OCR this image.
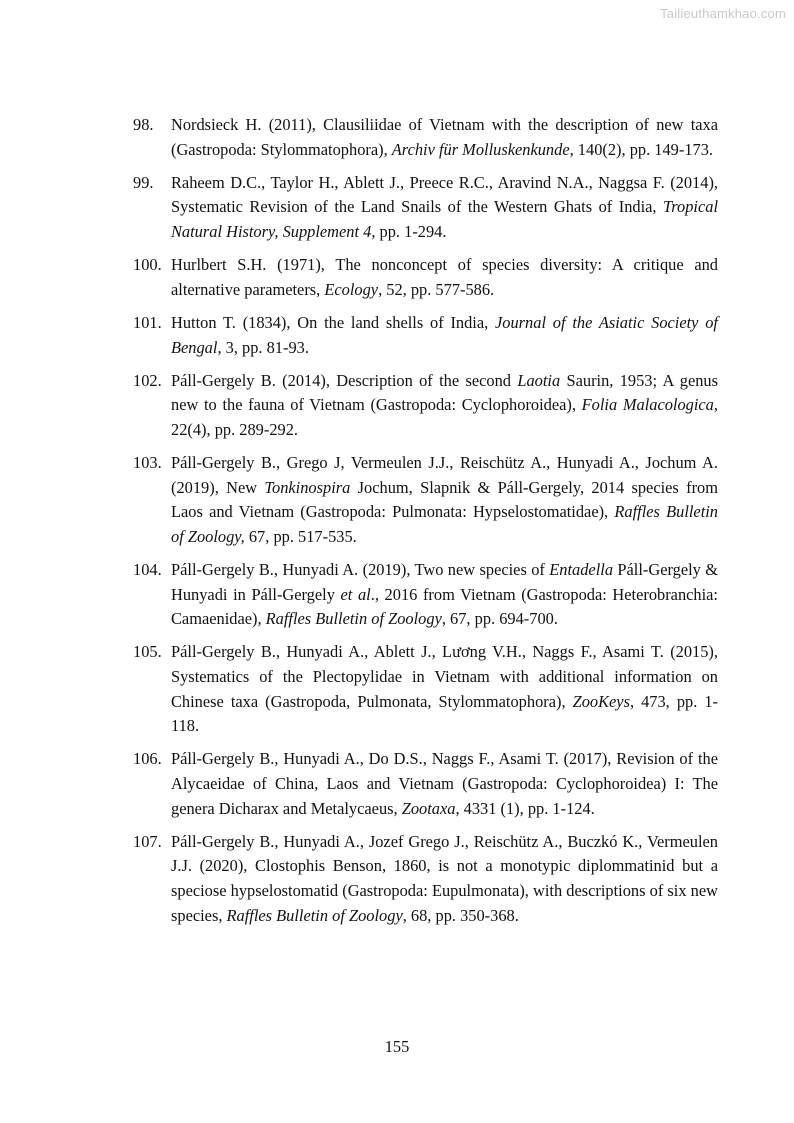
Tailieuthamkhao.com
98.	Nordsieck H. (2011), Clausiliidae of Vietnam with the description of new taxa (Gastropoda: Stylommatophora), Archiv für Molluskenkunde, 140(2), pp. 149-173.
99.	Raheem D.C., Taylor H., Ablett J., Preece R.C., Aravind N.A., Naggsa F. (2014), Systematic Revision of the Land Snails of the Western Ghats of India, Tropical Natural History, Supplement 4, pp. 1-294.
100. Hurlbert S.H. (1971), The nonconcept of species diversity: A critique and alternative parameters, Ecology, 52, pp. 577-586.
101. Hutton T. (1834), On the land shells of India, Journal of the Asiatic Society of Bengal, 3, pp. 81-93.
102. Páll-Gergely B. (2014), Description of the second Laotia Saurin, 1953; A genus new to the fauna of Vietnam (Gastropoda: Cyclophoroidea), Folia Malacologica, 22(4), pp. 289-292.
103. Páll-Gergely B., Grego J, Vermeulen J.J., Reischütz A., Hunyadi A., Jochum A. (2019), New Tonkinospira Jochum, Slapnik & Páll-Gergely, 2014 species from Laos and Vietnam (Gastropoda: Pulmonata: Hypselostomatidae), Raffles Bulletin of Zoology, 67, pp. 517-535.
104. Páll-Gergely B., Hunyadi A. (2019), Two new species of Entadella Páll-Gergely & Hunyadi in Páll-Gergely et al., 2016 from Vietnam (Gastropoda: Heterobranchia: Camaenidae), Raffles Bulletin of Zoology, 67, pp. 694-700.
105. Páll-Gergely B., Hunyadi A., Ablett J., Lương V.H., Naggs F., Asami T. (2015), Systematics of the Plectopylidae in Vietnam with additional information on Chinese taxa (Gastropoda, Pulmonata, Stylommatophora), ZooKeys, 473, pp. 1-118.
106. Páll-Gergely B., Hunyadi A., Do D.S., Naggs F., Asami T. (2017), Revision of the Alycaeidae of China, Laos and Vietnam (Gastropoda: Cyclophoroidea) I: The genera Dicharax and Metalycaeus, Zootaxa, 4331 (1), pp. 1-124.
107. Páll-Gergely B., Hunyadi A., Jozef Grego J., Reischütz A., Buczkó K., Vermeulen J.J. (2020), Clostophis Benson, 1860, is not a monotypic diplommatinid but a speciose hypselostomatid (Gastropoda: Eupulmonata), with descriptions of six new species, Raffles Bulletin of Zoology, 68, pp. 350-368.
155
